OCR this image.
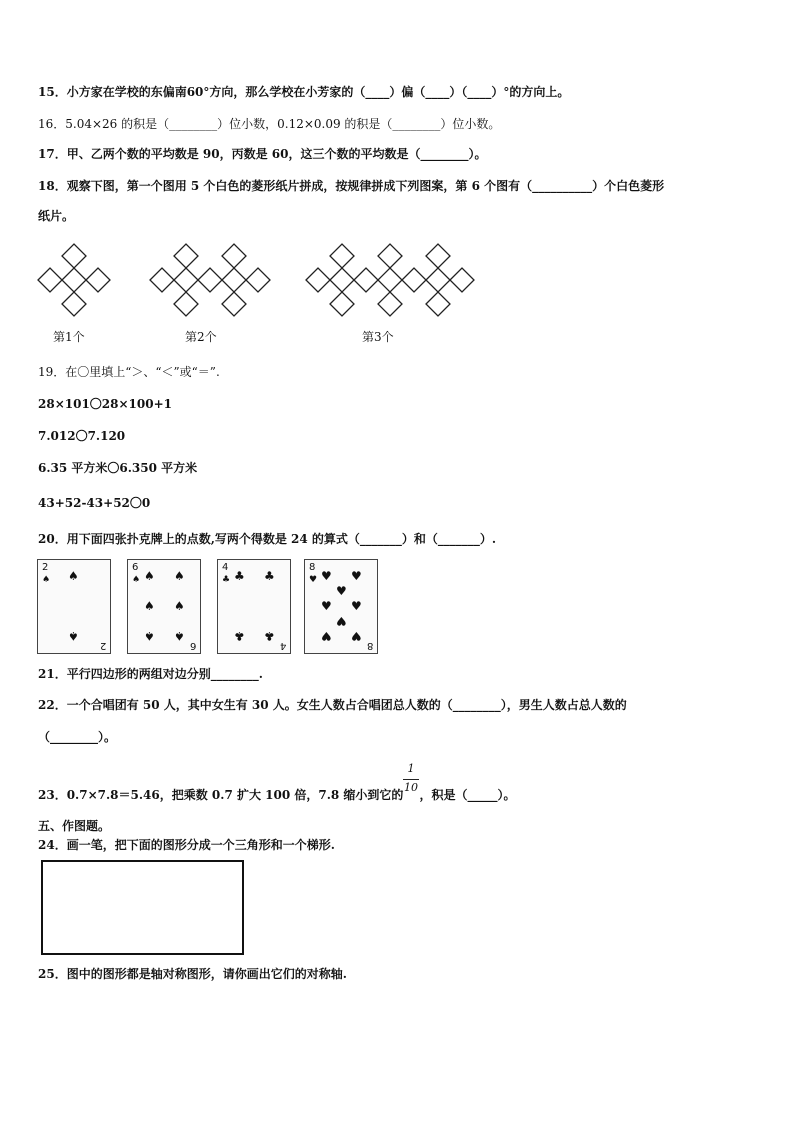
15．小方家在学校的东偏南60°方向，那么学校在小芳家的（____）偏（____）（____）°的方向上。
16．5.04×26 的积是（________）位小数，0.12×0.09 的积是（________）位小数。
17．甲、乙两个数的平均数是 90，丙数是 60，这三个数的平均数是（________）。
18．观察下图，第一个图用 5 个白色的菱形纸片拼成，按规律拼成下列图案，第 6 个图有（__________）个白色菱形
纸片。
第1个	第2个	第3个
19．在〇里填上“＞、“＜”或“＝”.
28×101〇28×100+1
7.012〇7.120
6.35 平方米〇6.350 平方米
43+52-43+52〇0
20．用下面四张扑克牌上的点数,写两个得数是 24 的算式（_______）和（_______）.
2
♠ ♠
♠
2
6
♠ ♠ ♠
♠ ♠
♠ ♠
6
4
♣ ♣ ♣
♣ ♣
4
8
♥ ♥ ♥
♥
♥ ♥
♥
♥ ♥
8
21．平行四边形的两组对边分别________.
22．一个合唱团有 50 人，其中女生有 30 人。女生人数占合唱团总人数的（________），男生人数占总人数的
（________）。
23．0.7×7.8＝5.46，把乘数 0.7 扩大 100 倍，7.8 缩小到它的 ，积是（_____）。
1
10
五、作图题。
24．画一笔，把下面的图形分成一个三角形和一个梯形.
25．图中的图形都是轴对称图形，请你画出它们的对称轴.
